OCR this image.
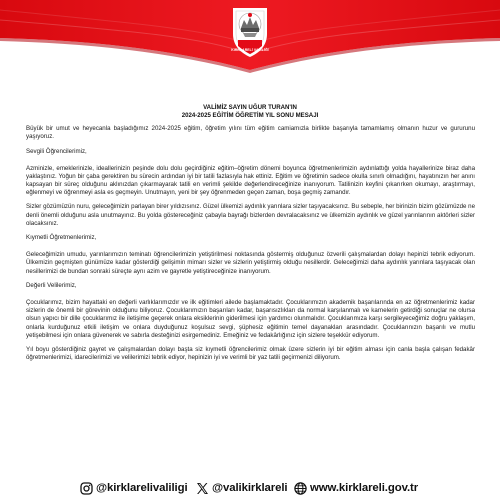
KIRKLARELİ VALİLİĞİ
VALİMİZ SAYIN UĞUR TURAN'IN
2024-2025 EĞİTİM ÖĞRETİM YIL SONU MESAJI

Büyük bir umut ve heyecanla başladığımız 2024-2025 eğitim, öğretim yılını tüm eğitim camiamızla birlikte başarıyla tamamlamış olmanın huzur ve gururunu yaşıyoruz.

Sevgili Öğrencilerimiz,

Azminizle, emeklerinizle, ideallerinizin peşinde dolu dolu geçirdiğiniz eğitim–öğretim dönemi boyunca öğretmenlerimizin aydınlattığı yolda hayallerinize biraz daha yaklaştınız. Yoğun bir çaba gerektiren bu sürecin ardından iyi bir tatili fazlasıyla hak ettiniz. Eğitim ve öğretimin sadece okulla sınırlı olmadığını, hayatınızın her anını kapsayan bir süreç olduğunu aklınızdan çıkarmayarak tatili en verimli şekilde değerlendireceğinize inanıyorum. Tatilinizin keyfini çıkarırken okumayı, araştırmayı, eğlenmeyi ve öğrenmeyi asla es geçmeyin. Unutmayın, yeni bir şey öğrenmeden geçen zaman, boşa geçmiş zamandır.

Sizler gözümüzün nuru, geleceğimizin parlayan birer yıldızısınız. Güzel ülkemizi aydınlık yarınlara sizler taşıyacaksınız. Bu sebeple, her birinizin bizim gözümüzde ne denli önemli olduğunu asla unutmayınız. Bu yolda göstereceğiniz çabayla bayrağı bizlerden devralacaksınız ve ülkemizin aydınlık ve güzel yarınlarının aktörleri sizler olacaksınız.

Kıymetli Öğretmenlerimiz,

Geleceğimizin umudu, yarınlarımızın teminatı öğrencilerimizin yetiştirilmesi noktasında göstermiş olduğunuz özverili çalışmalardan dolayı hepinizi tebrik ediyorum. Ülkemizin geçmişten günümüze kadar gösterdiği gelişimin mimarı sizler ve sizlerin yetiştirmiş olduğu nesillerdir. Geleceğimizi daha aydınlık yarınlara taşıyacak olan nesillerimizi de bundan sonraki süreçte aynı azim ve gayretle yetiştireceğinize inanıyorum.

Değerli Velilerimiz,

Çocuklarımız, bizim hayattaki en değerli varlıklarımızdır ve ilk eğitimleri ailede başlamaktadır. Çocuklarımızın akademik başarılarında en az öğretmenlerimiz kadar sizlerin de önemli bir görevinin olduğunu biliyoruz. Çocuklarımızın başarıları kadar, başarısızlıkları da normal karşılanmalı ve karnelerin getirdiği sonuçlar ne olursa olsun yapıcı bir dille çocuklarımız ile iletişime geçerek onlara eksiklerinin giderilmesi için yardımcı olunmalıdır. Çocuklarımıza karşı sergileyeceğimiz doğru yaklaşım, onlarla kurduğunuz etkili iletişim ve onlara duyduğunuz koşulsuz sevgi, şüphesiz eğitimin temel dayanakları arasındadır. Çocuklarınızın başarılı ve mutlu yetişebilmesi için onlara güvenerek ve sabırla desteğinizi esirgemediniz. Emeğiniz ve fedakârlığınız için sizlere teşekkür ediyorum.

Yıl boyu gösterdiğiniz gayret ve çalışmalardan dolayı başta siz kıymetli öğrencilerimiz olmak üzere sizlerin iyi bir eğitim alması için canla başla çalışan fedakâr öğretmenlerimizi, idarecilerimizi ve velilerimizi tebrik ediyor, hepinizin iyi ve verimli bir yaz tatili geçirmenizi diliyorum.

@kirklarelivaliligi @valikirklareli www.kirklareli.gov.tr
